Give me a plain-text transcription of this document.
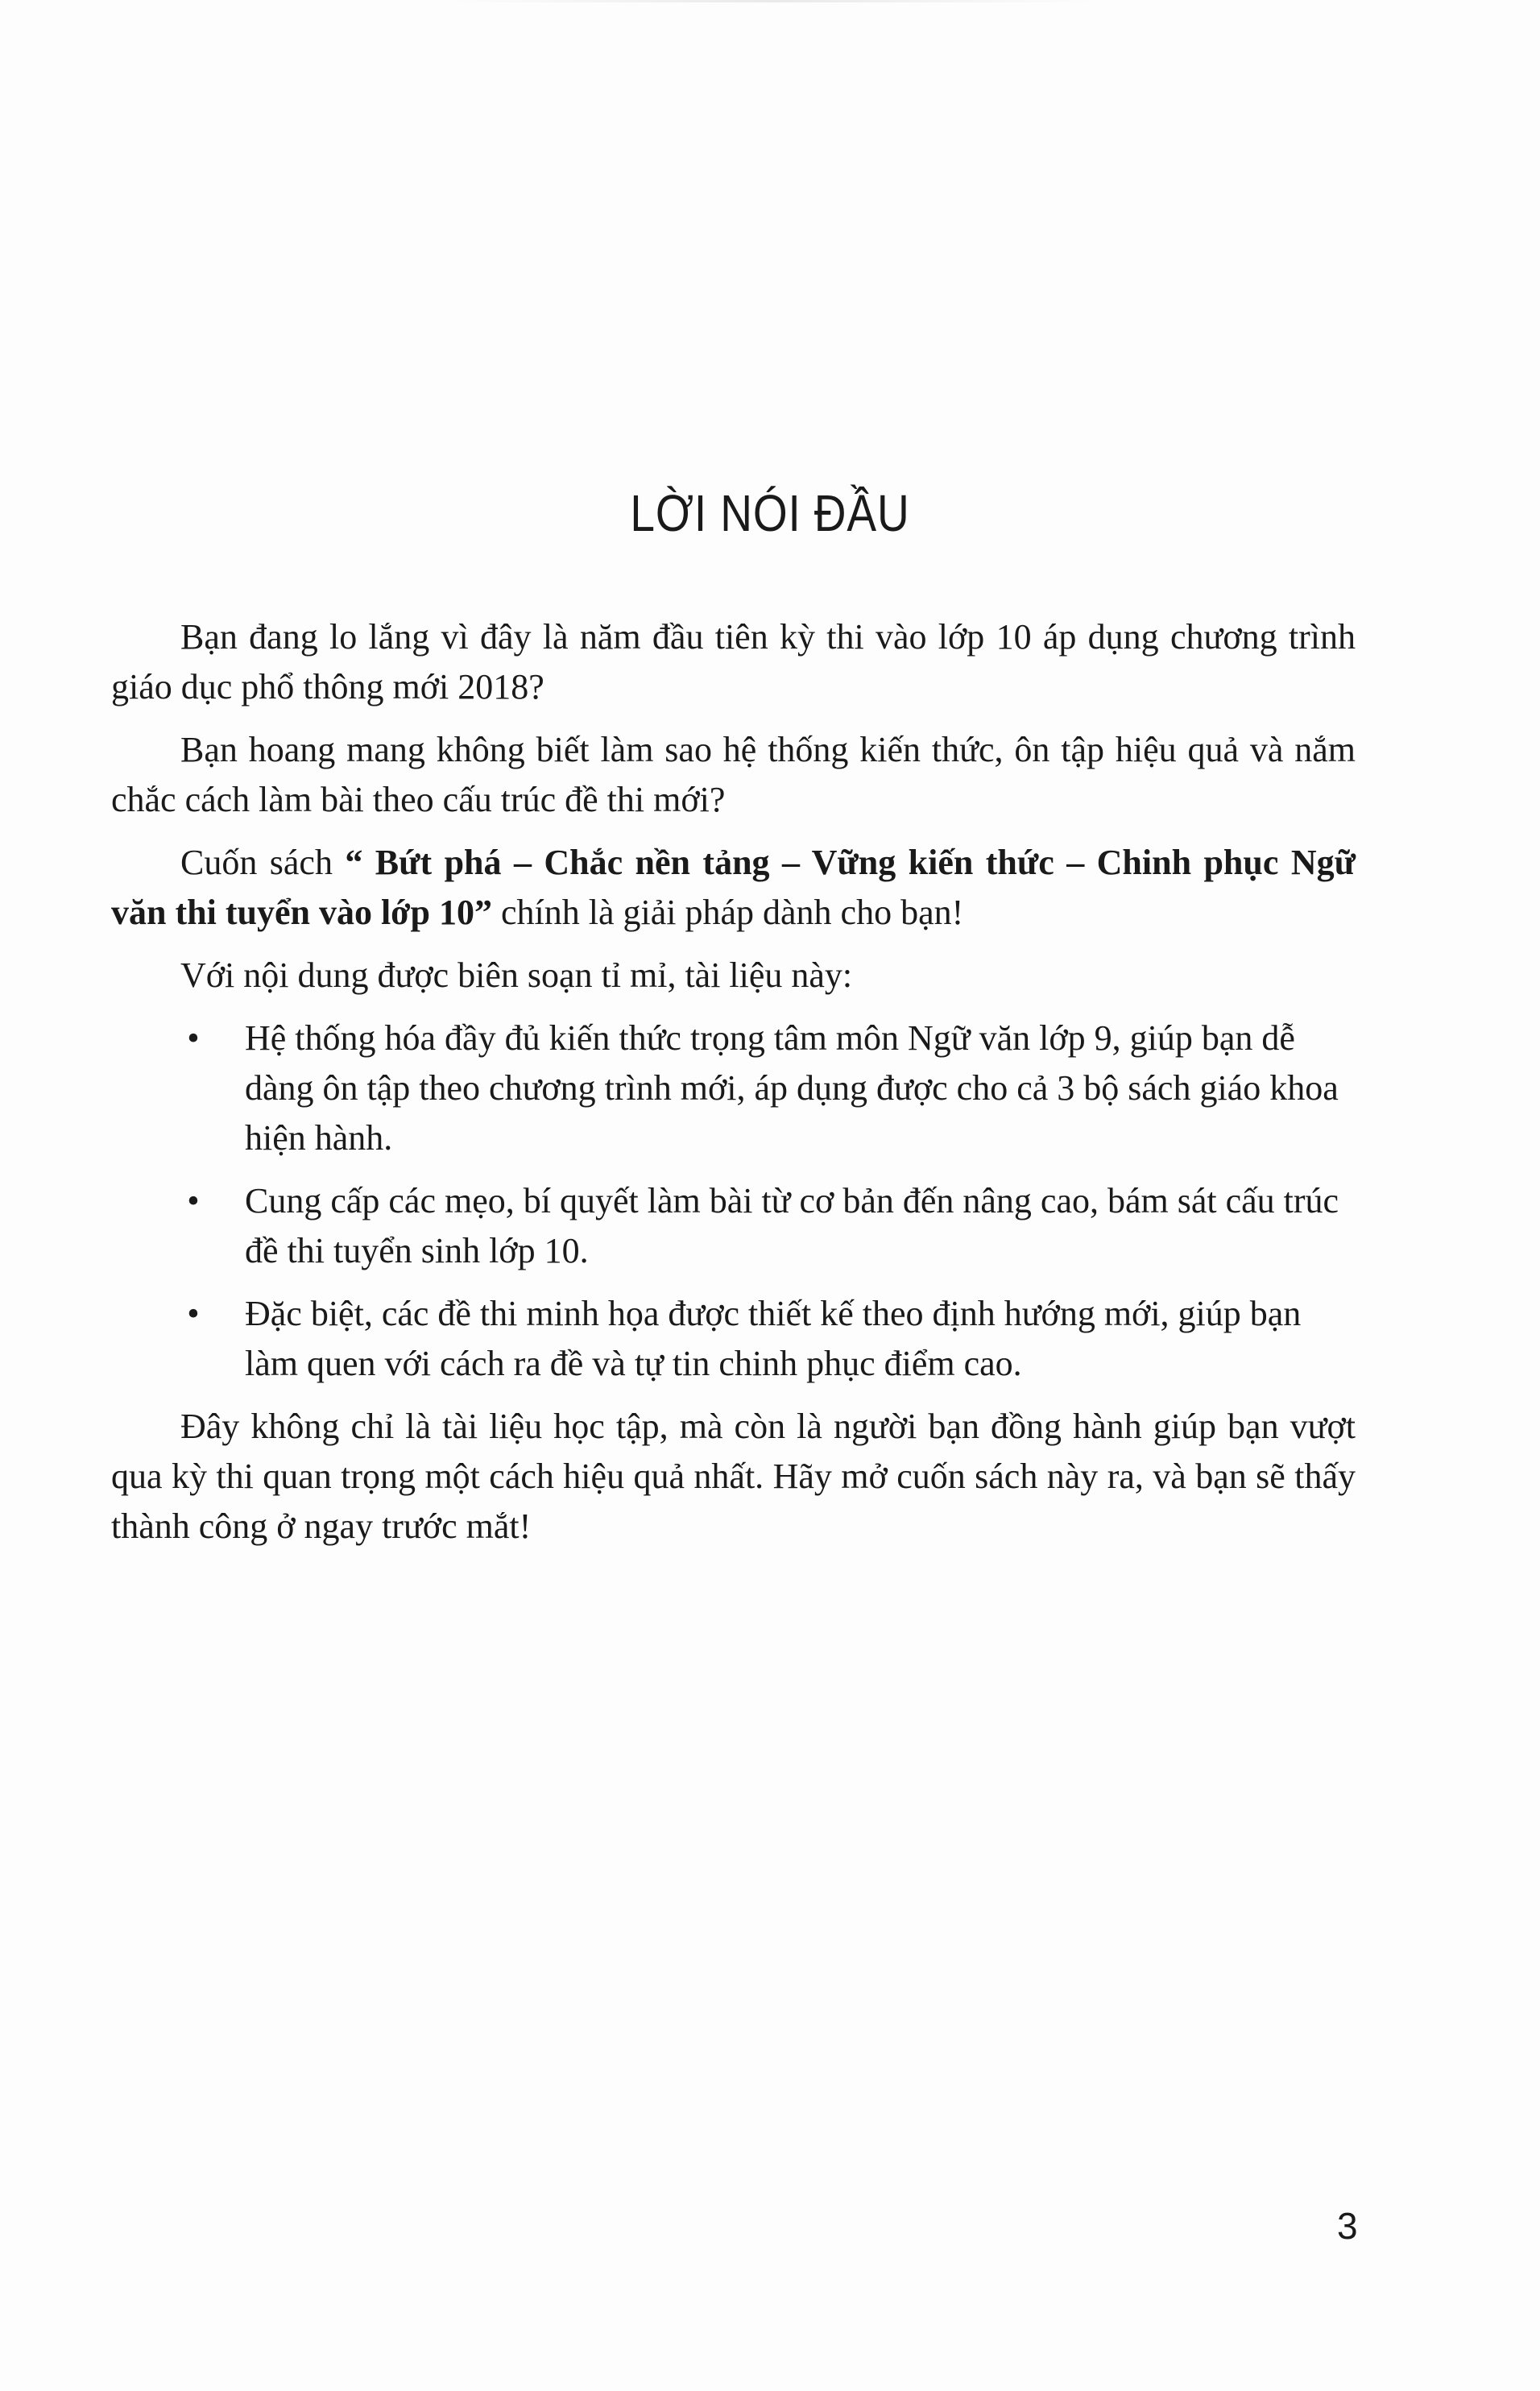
LỜI NÓI ĐẦU

Bạn đang lo lắng vì đây là năm đầu tiên kỳ thi vào lớp 10 áp dụng chương trình giáo dục phổ thông mới 2018?

Bạn hoang mang không biết làm sao hệ thống kiến thức, ôn tập hiệu quả và nắm chắc cách làm bài theo cấu trúc đề thi mới?

Cuốn sách “ Bứt phá – Chắc nền tảng – Vững kiến thức – Chinh phục Ngữ văn thi tuyển vào lớp 10” chính là giải pháp dành cho bạn!

Với nội dung được biên soạn tỉ mỉ, tài liệu này:

• Hệ thống hóa đầy đủ kiến thức trọng tâm môn Ngữ văn lớp 9, giúp bạn dễ dàng ôn tập theo chương trình mới, áp dụng được cho cả 3 bộ sách giáo khoa hiện hành.
• Cung cấp các mẹo, bí quyết làm bài từ cơ bản đến nâng cao, bám sát cấu trúc đề thi tuyển sinh lớp 10.
• Đặc biệt, các đề thi minh họa được thiết kế theo định hướng mới, giúp bạn làm quen với cách ra đề và tự tin chinh phục điểm cao.

Đây không chỉ là tài liệu học tập, mà còn là người bạn đồng hành giúp bạn vượt qua kỳ thi quan trọng một cách hiệu quả nhất. Hãy mở cuốn sách này ra, và bạn sẽ thấy thành công ở ngay trước mắt!

3
